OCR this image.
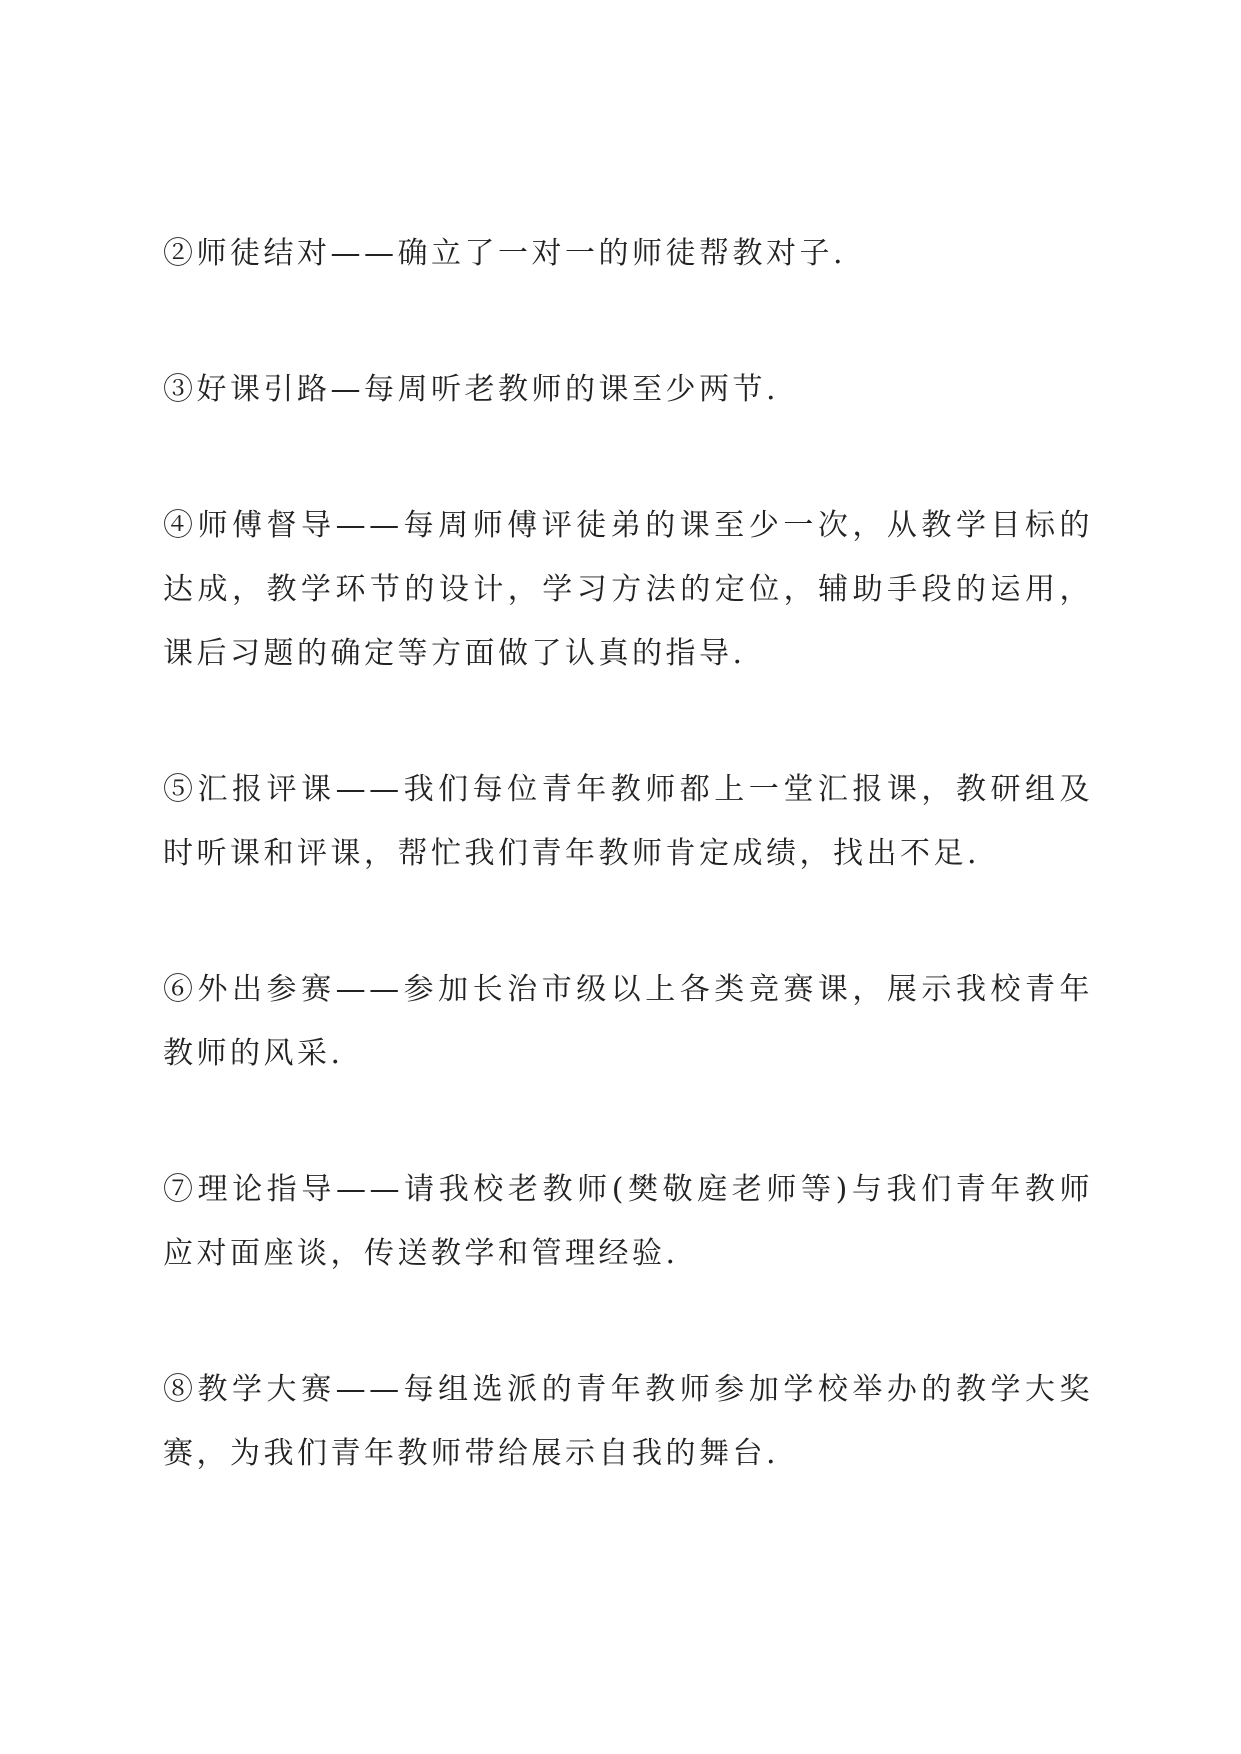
②师徒结对——确立了一对一的师徒帮教对子.

③好课引路—每周听老教师的课至少两节.

④师傅督导——每周师傅评徒弟的课至少一次，从教学目标的达成，教学环节的设计，学习方法的定位，辅助手段的运用，课后习题的确定等方面做了认真的指导.

⑤汇报评课——我们每位青年教师都上一堂汇报课，教研组及时听课和评课，帮忙我们青年教师肯定成绩，找出不足.

⑥外出参赛——参加长治市级以上各类竞赛课，展示我校青年教师的风采.

⑦理论指导——请我校老教师(樊敬庭老师等)与我们青年教师应对面座谈，传送教学和管理经验.

⑧教学大赛——每组选派的青年教师参加学校举办的教学大奖赛，为我们青年教师带给展示自我的舞台.
